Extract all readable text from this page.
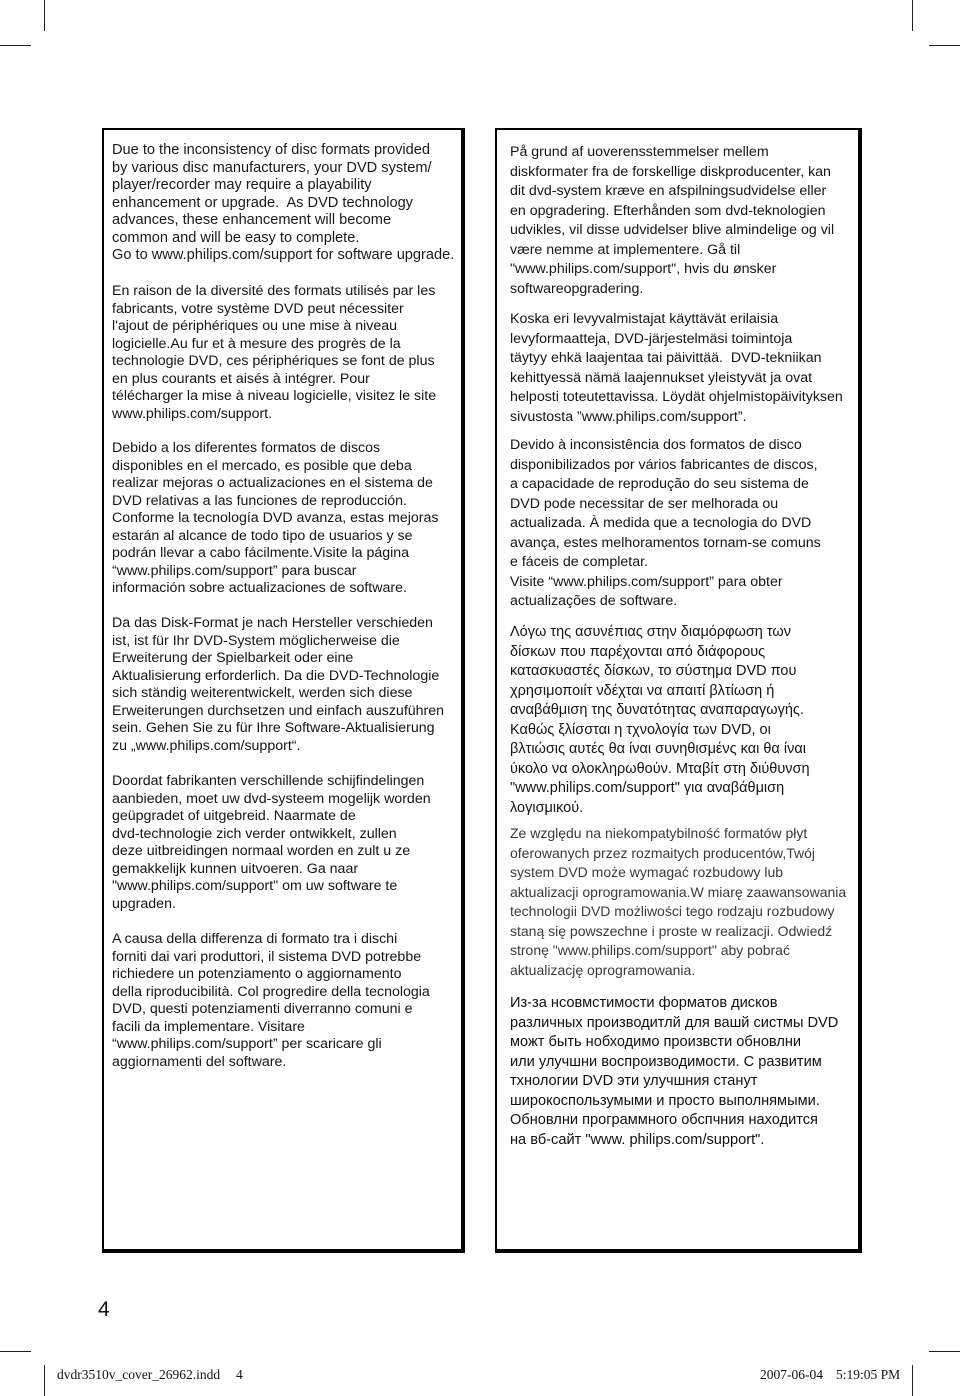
Due to the inconsistency of disc formats provided
by various disc manufacturers, your DVD system/
player/recorder may require a playability
enhancement or upgrade.  As DVD technology
advances, these enhancement will become
common and will be easy to complete.
Go to www.philips.com/support for software upgrade.
En raison de la diversité des formats utilisés par les
fabricants, votre système DVD peut nécessiter
l'ajout de périphériques ou une mise à niveau
logicielle.Au fur et à mesure des progrès de la
technologie DVD, ces périphériques se font de plus
en plus courants et aisés à intégrer. Pour
télécharger la mise à niveau logicielle, visitez le site
www.philips.com/support.
Debido a los diferentes formatos de discos
disponibles en el mercado, es posible que deba
realizar mejoras o actualizaciones en el sistema de
DVD relativas a las funciones de reproducción.
Conforme la tecnología DVD avanza, estas mejoras
estarán al alcance de todo tipo de usuarios y se
podrán llevar a cabo fácilmente.Visite la página
“www.philips.com/support” para buscar
información sobre actualizaciones de software.
Da das Disk-Format je nach Hersteller verschieden
ist, ist für Ihr DVD-System möglicherweise die
Erweiterung der Spielbarkeit oder eine
Aktualisierung erforderlich. Da die DVD-Technologie
sich ständig weiterentwickelt, werden sich diese
Erweiterungen durchsetzen und einfach auszuführen
sein. Gehen Sie zu für Ihre Software-Aktualisierung
zu „www.philips.com/support“.
Doordat fabrikanten verschillende schijfindelingen
aanbieden, moet uw dvd-systeem mogelijk worden
geüpgradet of uitgebreid. Naarmate de
dvd-technologie zich verder ontwikkelt, zullen
deze uitbreidingen normaal worden en zult u ze
gemakkelijk kunnen uitvoeren. Ga naar
"www.philips.com/support" om uw software te
upgraden.
A causa della differenza di formato tra i dischi
forniti dai vari produttori, il sistema DVD potrebbe
richiedere un potenziamento o aggiornamento
della riproducibilità. Col progredire della tecnologia
DVD, questi potenziamenti diverranno comuni e
facili da implementare. Visitare
“www.philips.com/support” per scaricare gli
aggiornamenti del software.
På grund af uoverensstemmelser mellem
diskformater fra de forskellige diskproducenter, kan
dit dvd-system kræve en afspilningsudvidelse eller
en opgradering. Efterhånden som dvd-teknologien
udvikles, vil disse udvidelser blive almindelige og vil
være nemme at implementere. Gå til
"www.philips.com/support", hvis du ønsker
softwareopgradering.
Koska eri levyvalmistajat käyttävät erilaisia
levyformaatteja, DVD-järjestelmäsi toimintoja
täytyy ehkä laajentaa tai päivittää.  DVD-tekniikan
kehittyessä nämä laajennukset yleistyvät ja ovat
helposti toteutettavissa. Löydät ohjelmistopäivityksen
sivustosta ”www.philips.com/support”.
Devido à inconsistência dos formatos de disco
disponibilizados por vários fabricantes de discos,
a capacidade de reprodução do seu sistema de
DVD pode necessitar de ser melhorada ou
actualizada. À medida que a tecnologia do DVD
avança, estes melhoramentos tornam-se comuns
e fáceis de completar.
Visite “www.philips.com/support” para obter
actualizações de software.
Λόγω της ασυνέπιας στην διαμόρφωση των
δίσκων που παρέχονται από διάφορους
κατασκυαστές δίσκων, το σύστημα DVD που
χρησιμοποιίτ νδέχται να απαιτί βλτίωση ή
αναβάθμιση της δυνατότητας αναπαραγωγής.
Καθώς ξλίσσται η τχνολογία των DVD, οι
βλτιώσις αυτές θα ίναι συνηθισμένς και θα ίναι
ύκολο να ολοκληρωθούν. Μταβίτ στη διύθυνση
"www.philips.com/support" για αναβάθμιση
λογισμικού.
Ze względu na niekompatybilność formatów płyt
oferowanych przez rozmaitych producentów,Twój
system DVD może wymagać rozbudowy lub
aktualizacji oprogramowania.W miarę zaawansowania
technologii DVD możliwości tego rodzaju rozbudowy
staną się powszechne i proste w realizacji. Odwiedź
stronę "www.philips.com/support" aby pobrać
aktualizację oprogramowania.
Из-за нсовмстимости форматов дисков
различных производитлй для вашй систмы DVD
можт быть нобходимо произвсти обновлни
или улучшни воспроизводимости. С развитим
тхнологии DVD эти улучшния станут
широкоспользумыми и просто выполнямыми.
Обновлни программного обспчния находится
на вб-сайт "www. philips.com/support".
4
dvdr3510v_cover_26962.indd 4	2007-06-04 5:19:05 PM
